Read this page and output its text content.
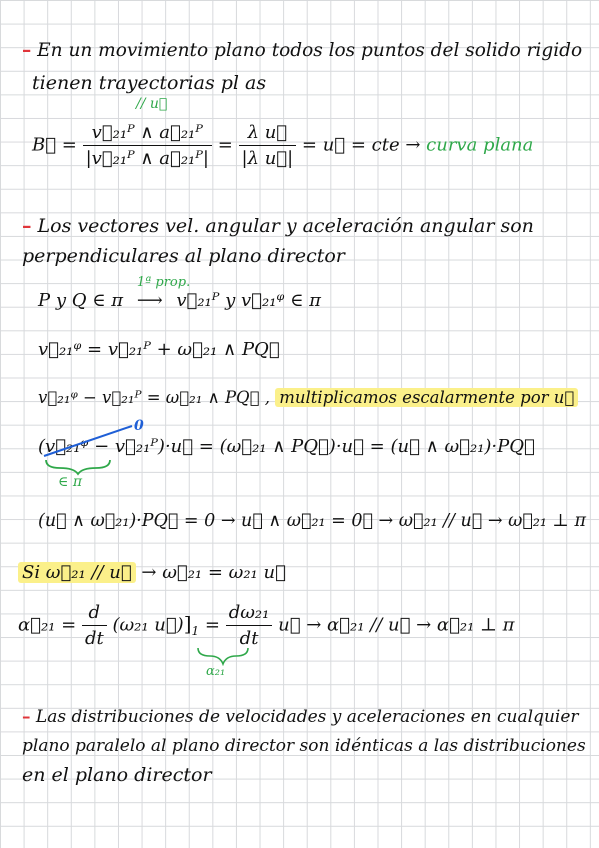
– En un movimiento plano todos los puntos del solido rigido
tienen trayectorias pl as
// u⃗
B⃗ = $\frac{\text{v⃗₂₁ᴾ ∧ a⃗₂₁ᴾ}}{\text{|v⃗₂₁ᴾ ∧ a⃗₂₁ᴾ|}} = \frac{\text{λ u⃗}}{\text{|λ u⃗|}}$ = u⃗ = cte → curva plana
– Los vectores vel. angular y aceleración angular son
perpendiculares al plano director
P y Q ∈ π
1ª prop.
⟶ v⃗₂₁ᴾ y v⃗₂₁ᵠ ∈ π
v⃗₂₁ᵠ = v⃗₂₁ᴾ + ω⃗₂₁ ∧ PQ⃗
v⃗₂₁ᵠ − v⃗₂₁ᴾ = ω⃗₂₁ ∧ PQ⃗ , multiplicamos escalarmente por u⃗
0
(v⃗₂₁ᵠ − v⃗₂₁ᴾ)·u⃗ = (ω⃗₂₁ ∧ PQ⃗)·u⃗ = (u⃗ ∧ ω⃗₂₁)·PQ⃗
∈ π
(u⃗ ∧ ω⃗₂₁)·PQ⃗ = 0 → u⃗ ∧ ω⃗₂₁ = 0⃗ → ω⃗₂₁ // u⃗ → ω⃗₂₁ ⊥ π
Si ω⃗₂₁ // u⃗ → ω⃗₂₁ = ω₂₁ u⃗
α⃗₂₁ = $\frac{d}{dt} (\omega_{21}$ $u⃗)]_1 = \frac{\text{dω₂₁}}{dt}$ u⃗ → α⃗₂₁ // u⃗ → α⃗₂₁ ⊥ π
α₂₁
– Las distribuciones de velocidades y aceleraciones en cualquier
plano paralelo al plano director son idénticas a las distribuciones
en el plano director
